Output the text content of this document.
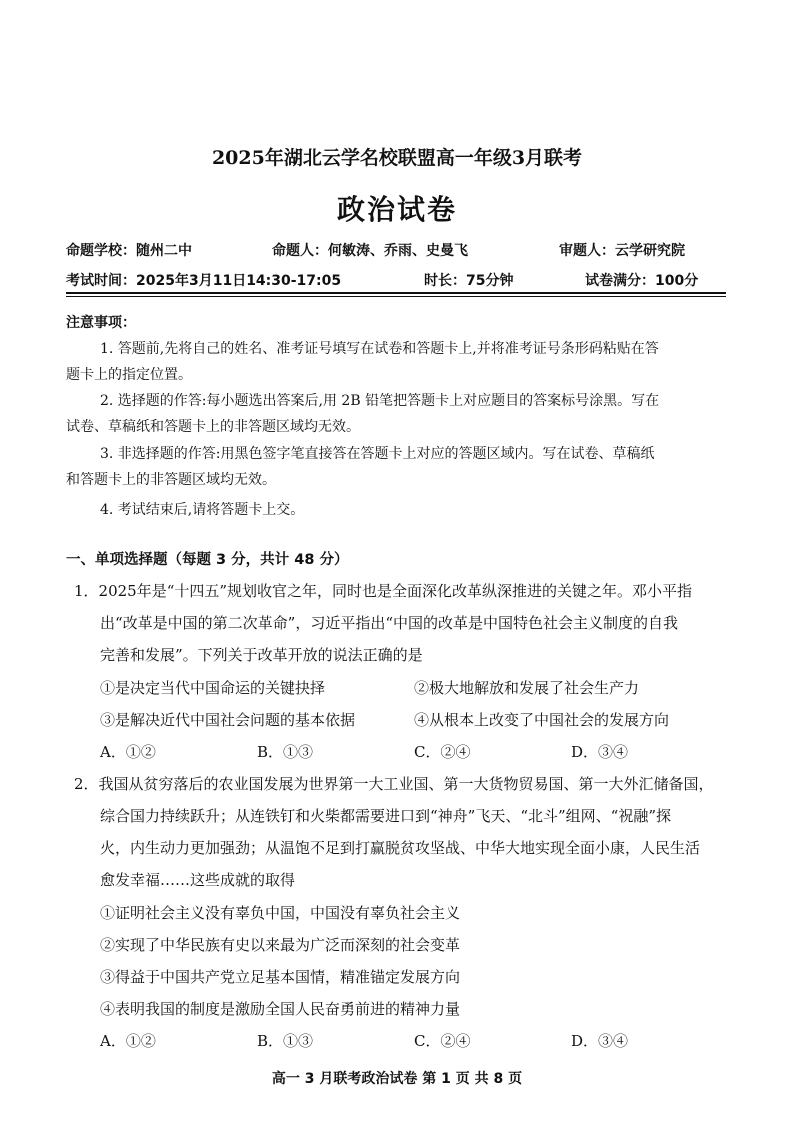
2025年湖北云学名校联盟高一年级3月联考
政治试卷
命题学校：随州二中	命题人：何敏涛、乔雨、史曼飞	审题人：云学研究院
考试时间：2025年3月11日14:30-17:05	时长：75分钟	试卷满分：100分
注意事项：
1. 答题前,先将自己的姓名、准考证号填写在试卷和答题卡上,并将准考证号条形码粘贴在答
题卡上的指定位置。
2. 选择题的作答:每小题选出答案后,用 2B 铅笔把答题卡上对应题目的答案标号涂黑。写在
试卷、草稿纸和答题卡上的非答题区域均无效。
3. 非选择题的作答:用黑色签字笔直接答在答题卡上对应的答题区域内。写在试卷、草稿纸
和答题卡上的非答题区域均无效。
4. 考试结束后,请将答题卡上交。
一、单项选择题（每题 3 分，共计 48 分）
1．2025年是“十四五”规划收官之年，同时也是全面深化改革纵深推进的关键之年。邓小平指
出“改革是中国的第二次革命”，习近平指出“中国的改革是中国特色社会主义制度的自我
完善和发展”。下列关于改革开放的说法正确的是
①是决定当代中国命运的关键抉择	②极大地解放和发展了社会生产力
③是解决近代中国社会问题的基本依据	④从根本上改变了中国社会的发展方向
A．①②	B．①③	C．②④	D．③④
2．我国从贫穷落后的农业国发展为世界第一大工业国、第一大货物贸易国、第一大外汇储备国，
综合国力持续跃升；从连铁钉和火柴都需要进口到“神舟”飞天、“北斗”组网、“祝融”探
火，内生动力更加强劲；从温饱不足到打赢脱贫攻坚战、中华大地实现全面小康，人民生活
愈发幸福……这些成就的取得
①证明社会主义没有辜负中国，中国没有辜负社会主义
②实现了中华民族有史以来最为广泛而深刻的社会变革
③得益于中国共产党立足基本国情，精准锚定发展方向
④表明我国的制度是激励全国人民奋勇前进的精神力量
A．①②	B．①③	C．②④	D．③④
高一 3 月联考政治试卷 第 1 页 共 8 页
